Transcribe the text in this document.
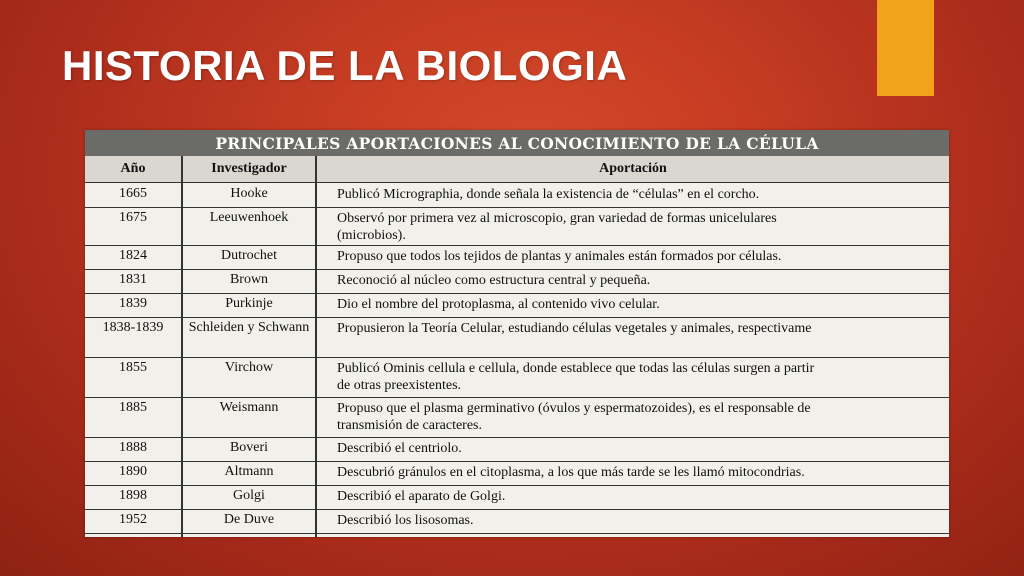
HISTORIA DE LA BIOLOGIA
PRINCIPALES APORTACIONES AL CONOCIMIENTO DE LA CÉLULA
Año	Investigador	Aportación
1665	Hooke	Publicó Micrographia, donde señala la existencia de “células” en el corcho.
1675	Leeuwenhoek	Observó por primera vez al microscopio, gran variedad de formas unicelulares
(microbios).
1824	Dutrochet	Propuso que todos los tejidos de plantas y animales están formados por células.
1831	Brown	Reconoció al núcleo como estructura central y pequeña.
1839	Purkinje	Dio el nombre del protoplasma, al contenido vivo celular.
1838-1839	Schleiden y Schwann	Propusieron la Teoría Celular, estudiando células vegetales y animales, respectivame
1855	Virchow	Publicó Ominis cellula e cellula, donde establece que todas las células surgen a partir
de otras preexistentes.
1885	Weismann	Propuso que el plasma germinativo (óvulos y espermatozoides), es el responsable de
transmisión de caracteres.
1888	Boveri	Describió el centriolo.
1890	Altmann	Descubrió gránulos en el citoplasma, a los que más tarde se les llamó mitocondrias.
1898	Golgi	Describió el aparato de Golgi.
1952	De Duve	Describió los lisosomas.
